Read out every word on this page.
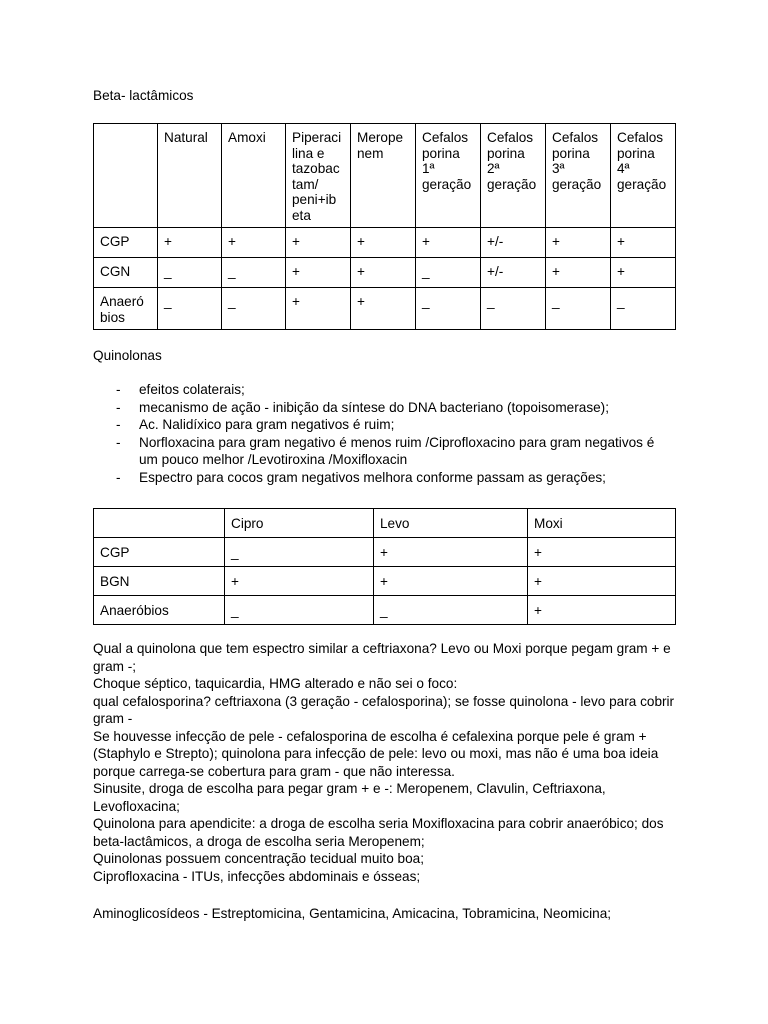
Beta- lactâmicos
	Natural	Amoxi	Piperaci lina e tazobac tam/ peni+ib eta	Merope nem	Cefalos porina 1ª geração	Cefalos porina 2ª geração	Cefalos porina 3ª geração	Cefalos porina 4ª geração
CGP	+	+	+	+	+	+/-	+	+
CGN	_	_	+	+	_	+/-	+	+
Anaeró bios	_	_	+	+	_	_	_	_
Quinolonas
- efeitos colaterais;
- mecanismo de ação - inibição da síntese do DNA bacteriano (topoisomerase);
- Ac. Nalidíxico para gram negativos é ruim;
- Norfloxacina para gram negativo é menos ruim /Ciprofloxacino para gram negativos é um pouco melhor /Levotiroxina /Moxifloxacin
- Espectro para cocos gram negativos melhora conforme passam as gerações;
	Cipro	Levo	Moxi
CGP	_	+	+
BGN	+	+	+
Anaeróbios	_	_	+

Qual a quinolona que tem espectro similar a ceftriaxona? Levo ou Moxi porque pegam gram + e gram -;

Choque séptico, taquicardia, HMG alterado e não sei o foco:

qual cefalosporina? ceftriaxona (3 geração - cefalosporina); se fosse quinolona - levo para cobrir gram -

Se houvesse infecção de pele - cefalosporina de escolha é cefalexina porque pele é gram + (Staphylo e Strepto); quinolona para infecção de pele: levo ou moxi, mas não é uma boa ideia porque carrega-se cobertura para gram - que não interessa.

Sinusite, droga de escolha para pegar gram + e -: Meropenem, Clavulin, Ceftriaxona, Levofloxacina;

Quinolona para apendicite: a droga de escolha seria Moxifloxacina para cobrir anaeróbico; dos beta-lactâmicos, a droga de escolha seria Meropenem;

Quinolonas possuem concentração tecidual muito boa;

Ciprofloxacina - ITUs, infecções abdominais e ósseas;

Aminoglicosídeos - Estreptomicina, Gentamicina, Amicacina, Tobramicina, Neomicina;
